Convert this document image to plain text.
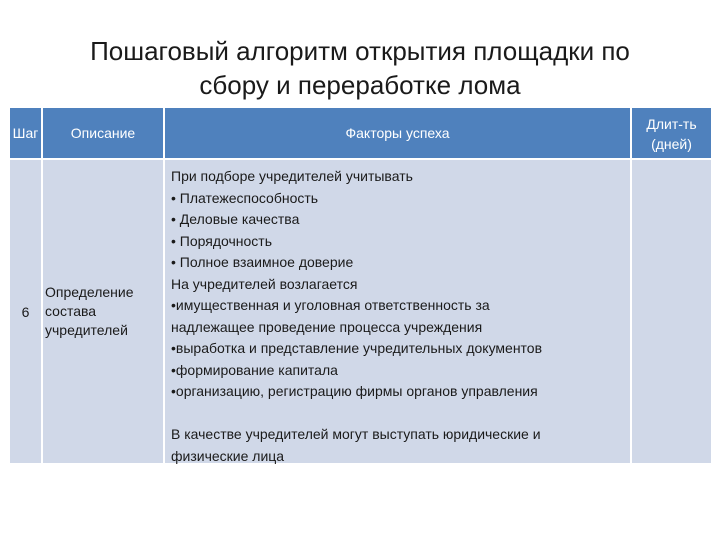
Пошаговый алгоритм открытия площадки по
сбору и переработке лома
Шаг	Описание	Факторы успеха
Длит-ть
(дней)
6
Определение
состава
учредителей
При подборе учредителей учитывать
• Платежеспособность
• Деловые качества
• Порядочность
• Полное взаимное доверие
На учредителей возлагается
•имущественная и уголовная ответственность за
надлежащее проведение процесса учреждения
•выработка и представление учредительных документов
•формирование капитала
•организацию, регистрацию фирмы органов управления
В качестве учредителей могут выступать юридические и
физические лица
